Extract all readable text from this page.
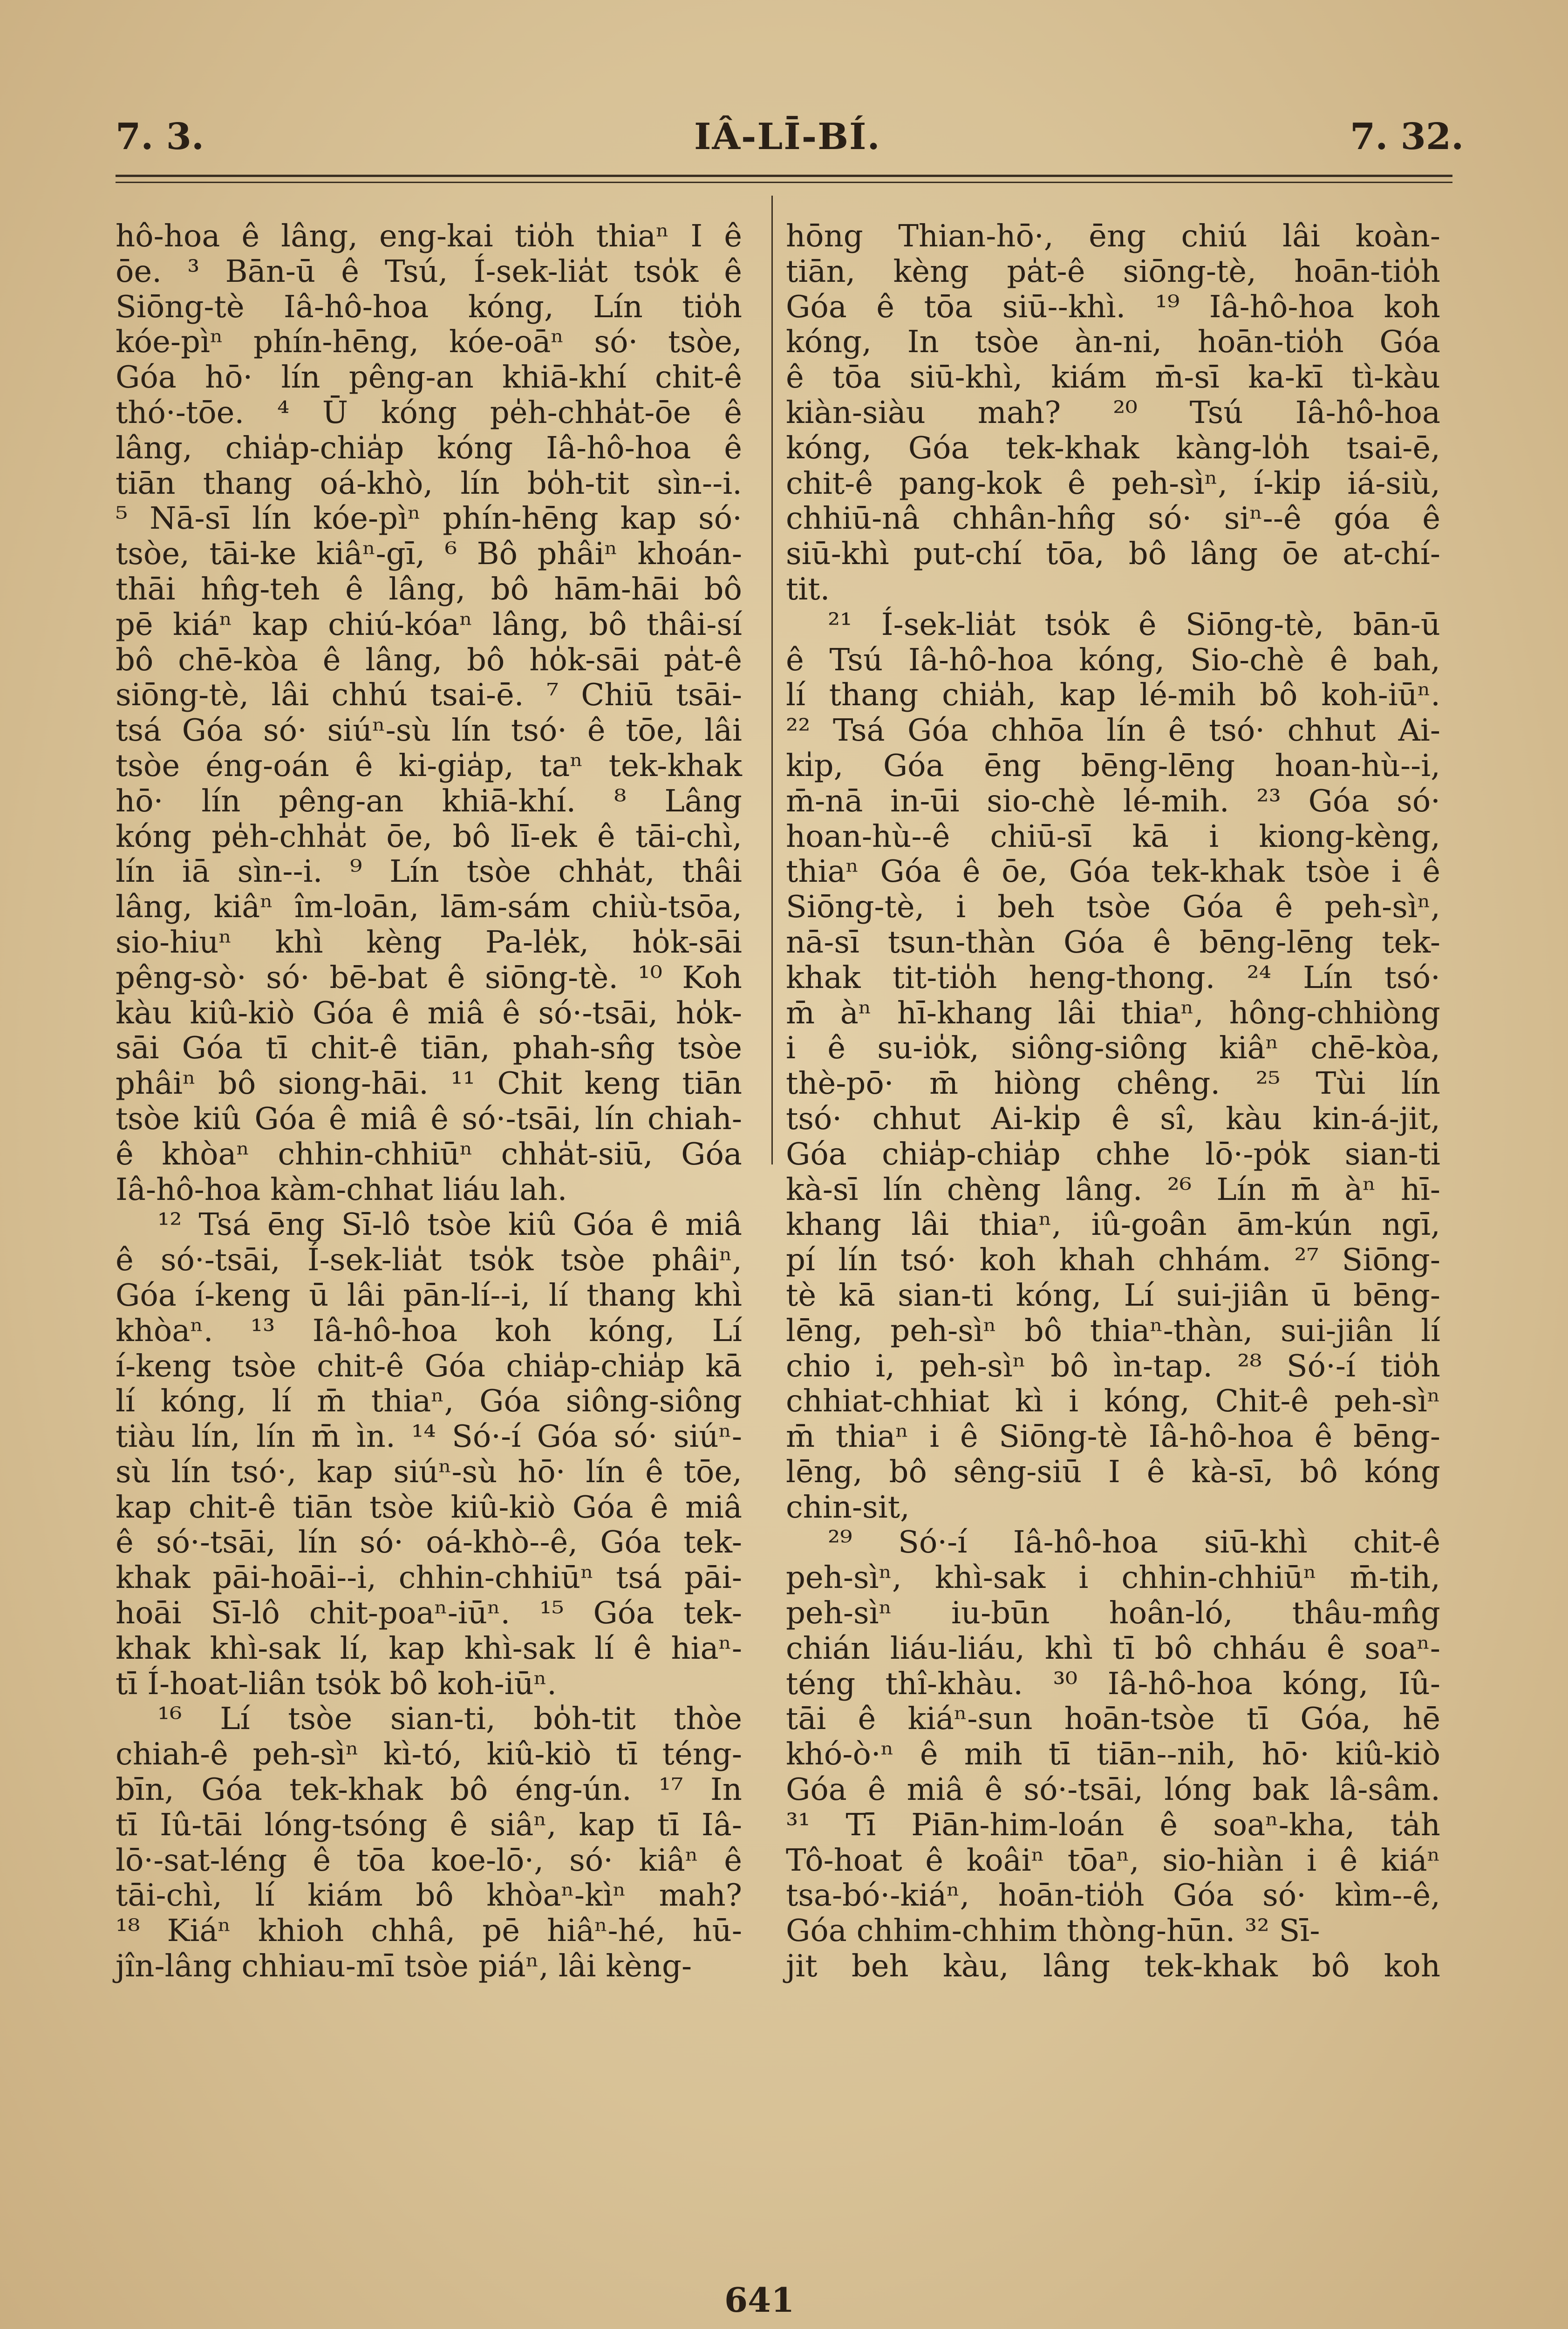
7. 3.	IÂ-LĪ-BÍ.	7. 32.
hô-hoa ê lâng, eng-kai tio̍h thiaⁿ I ê
ōe. ³ Bān-ū ê Tsú, Í-sek-lia̍t tso̍k ê
Siōng-tè Iâ-hô-hoa kóng, Lín tio̍h
kóe-pìⁿ phín-hēng, kóe-oāⁿ só· tsòe,
Góa hō· lín pêng-an khiā-khí chit-ê
thó·-tōe. ⁴ Ū kóng pe̍h-chha̍t-ōe ê
lâng, chia̍p-chia̍p kóng Iâ-hô-hoa ê
tiān thang oá-khò, lín bo̍h-tit sìn--i.
⁵ Nā-sī lín kóe-pìⁿ phín-hēng kap só·
tsòe, tāi-ke kiâⁿ-gī, ⁶ Bô phâiⁿ khoán-
thāi hn̂g-teh ê lâng, bô hām-hāi bô
pē kiáⁿ kap chiú-kóaⁿ lâng, bô thâi-sí
bô chē-kòa ê lâng, bô ho̍k-sāi pa̍t-ê
siōng-tè, lâi chhú tsai-ē. ⁷ Chiū tsāi-
tsá Góa só· siúⁿ-sù lín tsó· ê tōe, lâi
tsòe éng-oán ê ki-gia̍p, taⁿ tek-khak
hō· lín pêng-an khiā-khí. ⁸ Lâng
kóng pe̍h-chha̍t ōe, bô lī-ek ê tāi-chì,
lín iā sìn--i. ⁹ Lín tsòe chha̍t, thâi
lâng, kiâⁿ îm-loān, lām-sám chiù-tsōa,
sio-hiuⁿ khì kèng Pa-le̍k, ho̍k-sāi
pêng-sò· só· bē-bat ê siōng-tè. ¹⁰ Koh
kàu kiû-kiò Góa ê miâ ê só·-tsāi, ho̍k-
sāi Góa tī chit-ê tiān, phah-sn̂g tsòe
phâiⁿ bô siong-hāi. ¹¹ Chit keng tiān
tsòe kiû Góa ê miâ ê só·-tsāi, lín chiah-
ê khòaⁿ chhin-chhiūⁿ chha̍t-siū, Góa
Iâ-hô-hoa kàm-chhat liáu lah.
¹² Tsá ēng Sī-lô tsòe kiû Góa ê miâ
ê só·-tsāi, Í-sek-lia̍t tso̍k tsòe phâiⁿ,
Góa í-keng ū lâi pān-lí--i, lí thang khì
khòaⁿ. ¹³ Iâ-hô-hoa koh kóng, Lí
í-keng tsòe chit-ê Góa chia̍p-chia̍p kā
lí kóng, lí m̄ thiaⁿ, Góa siông-siông
tiàu lín, lín m̄ ìn. ¹⁴ Só·-í Góa só· siúⁿ-
sù lín tsó·, kap siúⁿ-sù hō· lín ê tōe,
kap chit-ê tiān tsòe kiû-kiò Góa ê miâ
ê só·-tsāi, lín só· oá-khò--ê, Góa tek-
khak pāi-hoāi--i, chhin-chhiūⁿ tsá pāi-
hoāi Sī-lô chit-poaⁿ-iūⁿ. ¹⁵ Góa tek-
khak khì-sak lí, kap khì-sak lí ê hiaⁿ-
tī Í-hoat-liân tso̍k bô koh-iūⁿ.
¹⁶ Lí tsòe sian-ti, bo̍h-tit thòe
chiah-ê peh-sìⁿ kì-tó, kiû-kiò tī téng-
bīn, Góa tek-khak bô éng-ún. ¹⁷ In
tī Iû-tāi lóng-tsóng ê siâⁿ, kap tī Iâ-
lō·-sat-léng ê tōa koe-lō·, só· kiâⁿ ê
tāi-chì, lí kiám bô khòaⁿ-kìⁿ mah?
¹⁸ Kiáⁿ khioh chhâ, pē hiâⁿ-hé, hū-
jîn-lâng chhiau-mī tsòe piáⁿ, lâi kèng-
hōng Thian-hō·, ēng chiú lâi koàn-
tiān, kèng pa̍t-ê siōng-tè, hoān-tio̍h
Góa ê tōa siū--khì. ¹⁹ Iâ-hô-hoa koh
kóng, In tsòe àn-ni, hoān-tio̍h Góa
ê tōa siū-khì, kiám m̄-sī ka-kī tì-kàu
kiàn-siàu mah? ²⁰ Tsú Iâ-hô-hoa
kóng, Góa tek-khak kàng-lo̍h tsai-ē,
chit-ê pang-kok ê peh-sìⁿ, í-ki̍p iá-siù,
chhiū-nâ chhân-hn̂g só· siⁿ--ê góa ê
siū-khì put-chí tōa, bô lâng ōe at-chí-
tit.
²¹ Í-sek-lia̍t tso̍k ê Siōng-tè, bān-ū
ê Tsú Iâ-hô-hoa kóng, Sio-chè ê bah,
lí thang chia̍h, kap lé-mih bô koh-iūⁿ.
²² Tsá Góa chhōa lín ê tsó· chhut Ai-
ki̍p, Góa ēng bēng-lēng hoan-hù--i,
m̄-nā in-ūi sio-chè lé-mih. ²³ Góa só·
hoan-hù--ê chiū-sī kā i kiong-kèng,
thiaⁿ Góa ê ōe, Góa tek-khak tsòe i ê
Siōng-tè, i beh tsòe Góa ê peh-sìⁿ,
nā-sī tsun-thàn Góa ê bēng-lēng tek-
khak tit-tio̍h heng-thong. ²⁴ Lín tsó·
m̄ àⁿ hī-khang lâi thiaⁿ, hông-chhiòng
i ê su-io̍k, siông-siông kiâⁿ chē-kòa,
thè-pō· m̄ hiòng chêng. ²⁵ Tùi lín
tsó· chhut Ai-ki̍p ê sî, kàu kin-á-jit,
Góa chia̍p-chia̍p chhe lō·-po̍k sian-ti
kà-sī lín chèng lâng. ²⁶ Lín m̄ àⁿ hī-
khang lâi thiaⁿ, iû-goân ām-kún ngī,
pí lín tsó· koh khah chhám. ²⁷ Siōng-
tè kā sian-ti kóng, Lí sui-jiân ū bēng-
lēng, peh-sìⁿ bô thiaⁿ-thàn, sui-jiân lí
chio i, peh-sìⁿ bô ìn-tap. ²⁸ Só·-í tio̍h
chhiat-chhiat kì i kóng, Chit-ê peh-sìⁿ
m̄ thiaⁿ i ê Siōng-tè Iâ-hô-hoa ê bēng-
lēng, bô sêng-siū I ê kà-sī, bô kóng
chin-sit,
²⁹ Só·-í Iâ-hô-hoa siū-khì chit-ê
peh-sìⁿ, khì-sak i chhin-chhiūⁿ m̄-tih,
peh-sìⁿ iu-būn hoân-ló, thâu-mn̂g
chián liáu-liáu, khì tī bô chháu ê soaⁿ-
téng thî-khàu. ³⁰ Iâ-hô-hoa kóng, Iû-
tāi ê kiáⁿ-sun hoān-tsòe tī Góa, hē
khó-ò·ⁿ ê mih tī tiān--nih, hō· kiû-kiò
Góa ê miâ ê só·-tsāi, lóng bak lâ-sâm.
³¹ Tī Piān-him-loán ê soaⁿ-kha, ta̍h
Tô-hoat ê koâiⁿ tōaⁿ, sio-hiàn i ê kiáⁿ
tsa-bó·-kiáⁿ, hoān-tio̍h Góa só· kìm--ê,
Góa chhim-chhim thòng-hūn. ³² Sī-
jit beh kàu, lâng tek-khak bô koh
641
